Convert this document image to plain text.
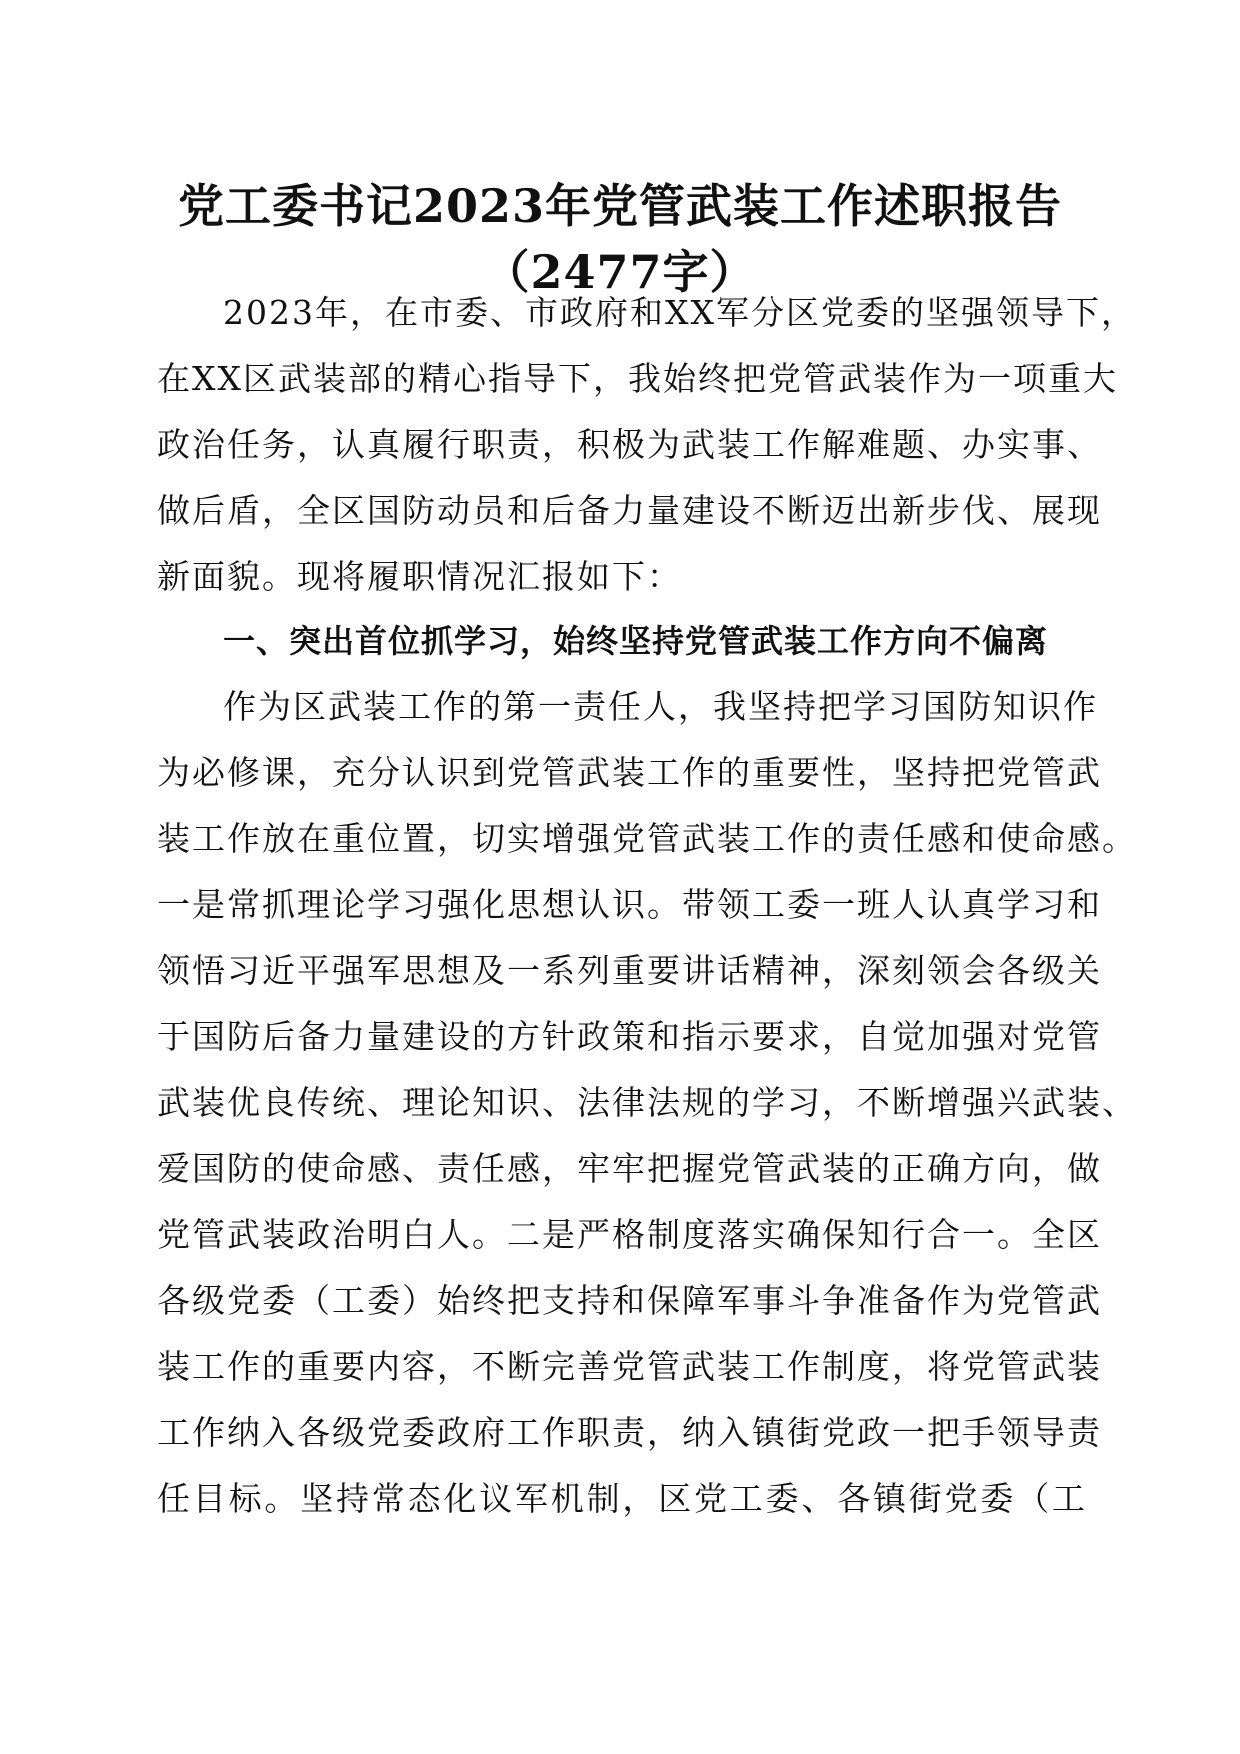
党工委书记2023年党管武装工作述职报告
（2477字）

2023年，在市委、市政府和XX军分区党委的坚强领导下，

在XX区武装部的精心指导下，我始终把党管武装作为一项重大

政治任务，认真履行职责，积极为武装工作解难题、办实事、

做后盾，全区国防动员和后备力量建设不断迈出新步伐、展现

新面貌。现将履职情况汇报如下：

一、突出首位抓学习，始终坚持党管武装工作方向不偏离

作为区武装工作的第一责任人，我坚持把学习国防知识作

为必修课，充分认识到党管武装工作的重要性，坚持把党管武

装工作放在重位置，切实增强党管武装工作的责任感和使命感。

一是常抓理论学习强化思想认识。带领工委一班人认真学习和

领悟习近平强军思想及一系列重要讲话精神，深刻领会各级关

于国防后备力量建设的方针政策和指示要求，自觉加强对党管

武装优良传统、理论知识、法律法规的学习，不断增强兴武装、

爱国防的使命感、责任感，牢牢把握党管武装的正确方向，做

党管武装政治明白人。二是严格制度落实确保知行合一。全区

各级党委（工委）始终把支持和保障军事斗争准备作为党管武

装工作的重要内容，不断完善党管武装工作制度，将党管武装

工作纳入各级党委政府工作职责，纳入镇街党政一把手领导责

任目标。坚持常态化议军机制，区党工委、各镇街党委（工
